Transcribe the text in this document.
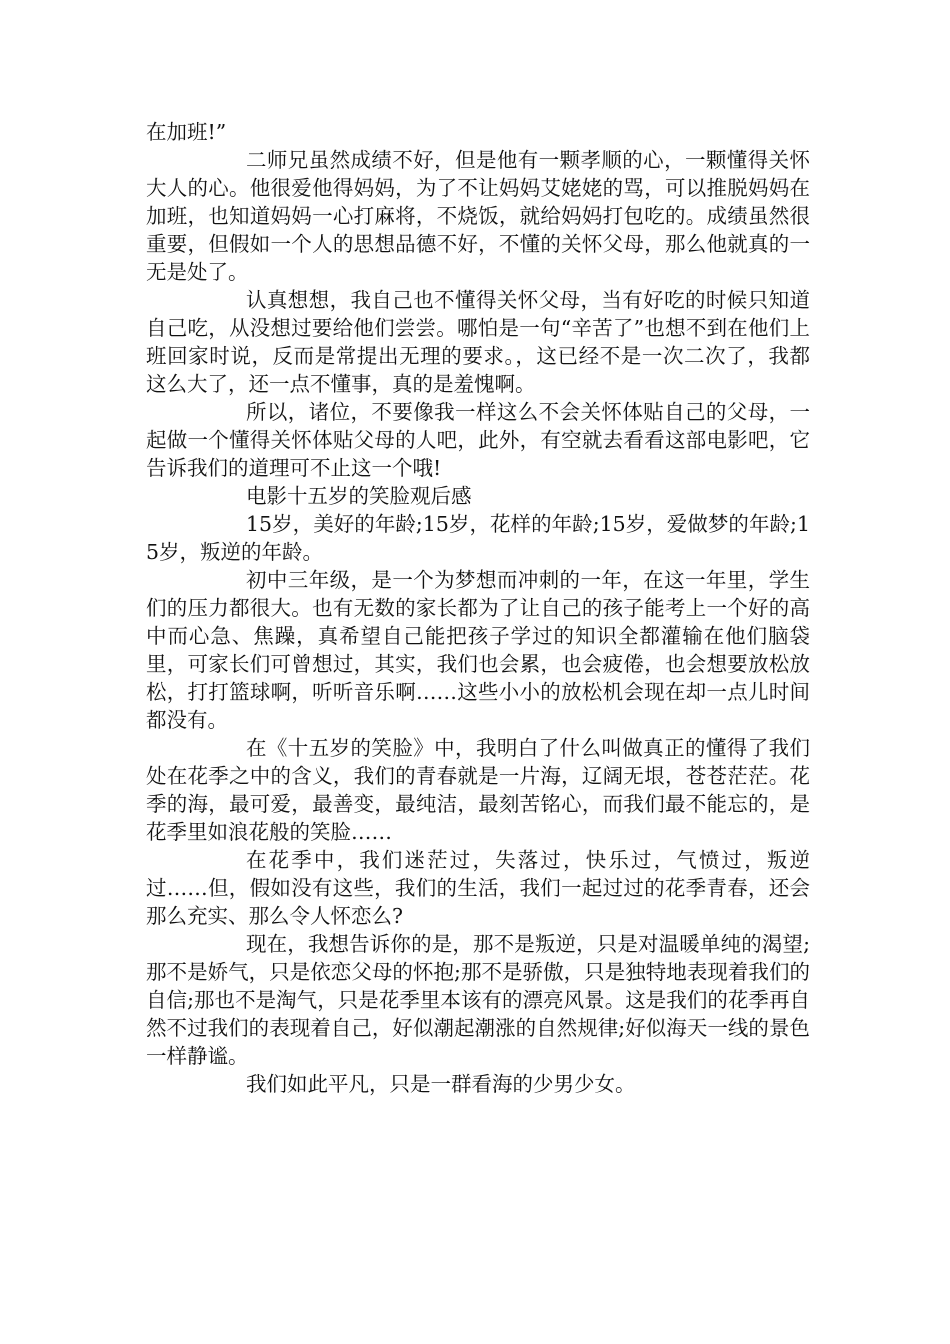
在加班!”

二师兄虽然成绩不好，但是他有一颗孝顺的心，一颗懂得关怀大人的心。他很爱他得妈妈，为了不让妈妈艾姥姥的骂，可以推脱妈妈在加班，也知道妈妈一心打麻将，不烧饭，就给妈妈打包吃的。成绩虽然很重要，但假如一个人的思想品德不好，不懂的关怀父母，那么他就真的一无是处了。

认真想想，我自己也不懂得关怀父母，当有好吃的时候只知道自己吃，从没想过要给他们尝尝。哪怕是一句“辛苦了”也想不到在他们上班回家时说，反而是常提出无理的要求。，这已经不是一次二次了，我都这么大了，还一点不懂事，真的是羞愧啊。

所以，诸位，不要像我一样这么不会关怀体贴自己的父母，一起做一个懂得关怀体贴父母的人吧，此外，有空就去看看这部电影吧，它告诉我们的道理可不止这一个哦!

电影十五岁的笑脸观后感

15岁，美好的年龄;15岁，花样的年龄;15岁，爱做梦的年龄;15岁，叛逆的年龄。

初中三年级，是一个为梦想而冲刺的一年，在这一年里，学生们的压力都很大。也有无数的家长都为了让自己的孩子能考上一个好的高中而心急、焦躁，真希望自己能把孩子学过的知识全都灌输在他们脑袋里，可家长们可曾想过，其实，我们也会累，也会疲倦，也会想要放松放松，打打篮球啊，听听音乐啊……这些小小的放松机会现在却一点儿时间都没有。

在《十五岁的笑脸》中，我明白了什么叫做真正的懂得了我们处在花季之中的含义，我们的青春就是一片海，辽阔无垠，苍苍茫茫。花季的海，最可爱，最善变，最纯洁，最刻苦铭心，而我们最不能忘的，是花季里如浪花般的笑脸……

在花季中，我们迷茫过，失落过，快乐过，气愤过，叛逆过……但，假如没有这些，我们的生活，我们一起过过的花季青春，还会那么充实、那么令人怀恋么?

现在，我想告诉你的是，那不是叛逆，只是对温暖单纯的渴望;那不是娇气，只是依恋父母的怀抱;那不是骄傲，只是独特地表现着我们的自信;那也不是淘气，只是花季里本该有的漂亮风景。这是我们的花季再自然不过我们的表现着自己，好似潮起潮涨的自然规律;好似海天一线的景色一样静谧。

我们如此平凡，只是一群看海的少男少女。
